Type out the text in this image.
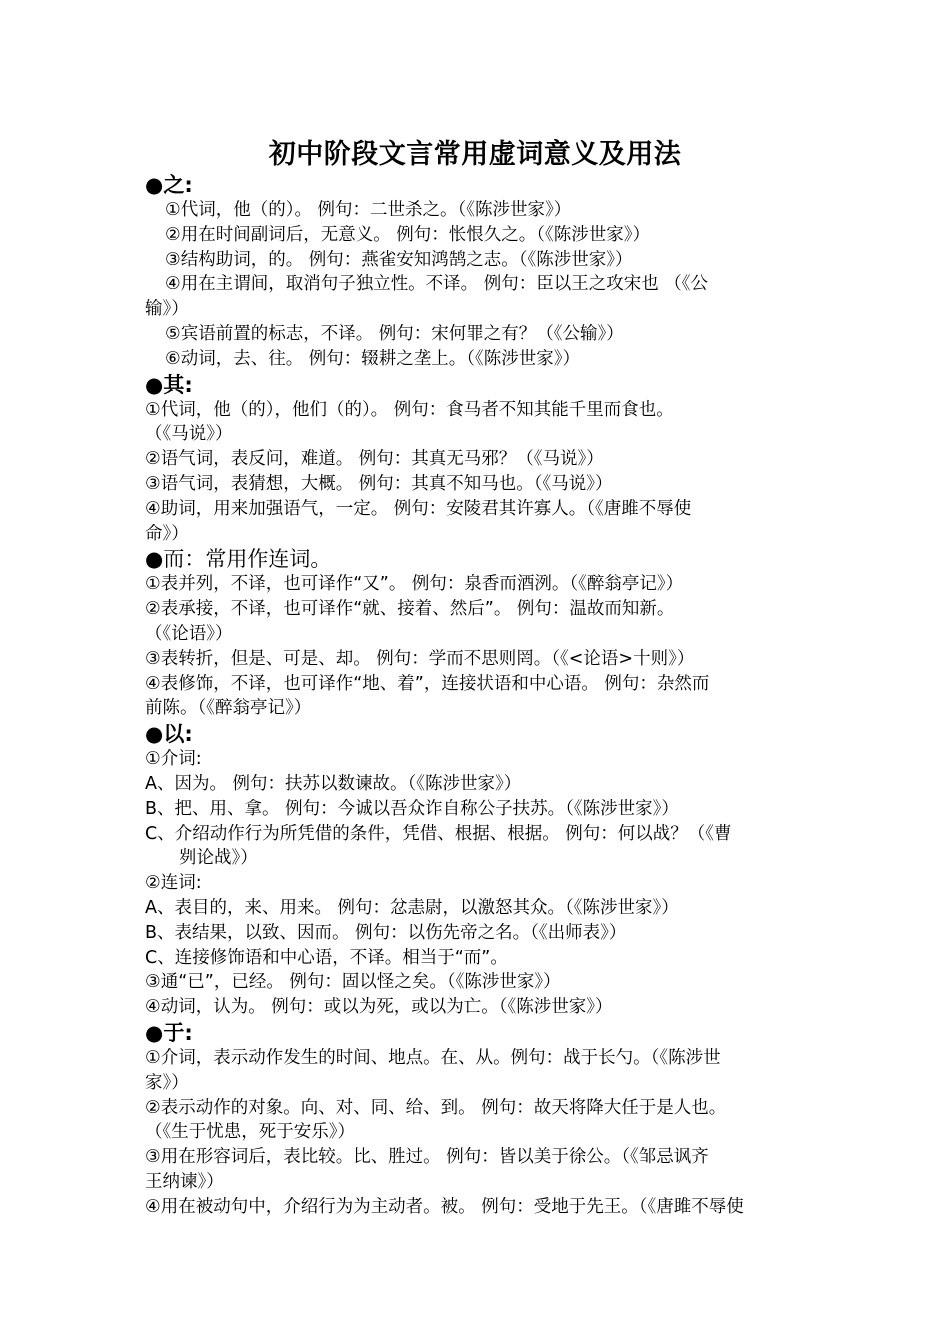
初中阶段文言常用虚词意义及用法
●之:
①代词，他（的）。 例句：二世杀之。（《陈涉世家》）
②用在时间副词后，无意义。 例句：怅恨久之。（《陈涉世家》）
③结构助词，的。 例句：燕雀安知鸿鹄之志。（《陈涉世家》）
④用在主谓间，取消句子独立性。不译。 例句：臣以王之攻宋也 （《公
输》）
⑤宾语前置的标志，不译。 例句：宋何罪之有？（《公输》）
⑥动词，去、往。 例句：辍耕之垄上。（《陈涉世家》）
●其:
①代词，他（的），他们（的）。 例句：食马者不知其能千里而食也。
（《马说》）
②语气词，表反问，难道。 例句：其真无马邪？（《马说》）
③语气词，表猜想，大概。 例句：其真不知马也。（《马说》）
④助词，用来加强语气，一定。 例句：安陵君其许寡人。（《唐雎不辱使
命》）
●而：常用作连词。
①表并列，不译，也可译作“又”。 例句：泉香而酒洌。（《醉翁亭记》）
②表承接，不译，也可译作“就、接着、然后”。 例句：温故而知新。
（《论语》）
③表转折，但是、可是、却。 例句：学而不思则罔。（《<论语>十则》）
④表修饰，不译，也可译作“地、着”，连接状语和中心语。 例句：杂然而
前陈。（《醉翁亭记》）
●以:
①介词:
A、因为。 例句：扶苏以数谏故。（《陈涉世家》）
B、把、用、拿。 例句：今诚以吾众诈自称公子扶苏。（《陈涉世家》）
C、介绍动作行为所凭借的条件，凭借、根据、根据。 例句：何以战？（《曹
刿论战》）
②连词:
A、表目的，来、用来。 例句：忿恚尉，以激怒其众。（《陈涉世家》）
B、表结果，以致、因而。 例句：以伤先帝之名。（《出师表》）
C、连接修饰语和中心语，不译。相当于“而”。
③通“已”，已经。 例句：固以怪之矣。（《陈涉世家》）
④动词，认为。 例句：或以为死，或以为亡。（《陈涉世家》）
●于:
①介词，表示动作发生的时间、地点。在、从。例句：战于长勺。（《陈涉世
家》）
②表示动作的对象。向、对、同、给、到。 例句：故天将降大任于是人也。
（《生于忧患，死于安乐》）
③用在形容词后，表比较。比、胜过。 例句：皆以美于徐公。（《邹忌讽齐
王纳谏》）
④用在被动句中，介绍行为为主动者。被。 例句：受地于先王。（《唐雎不辱使
